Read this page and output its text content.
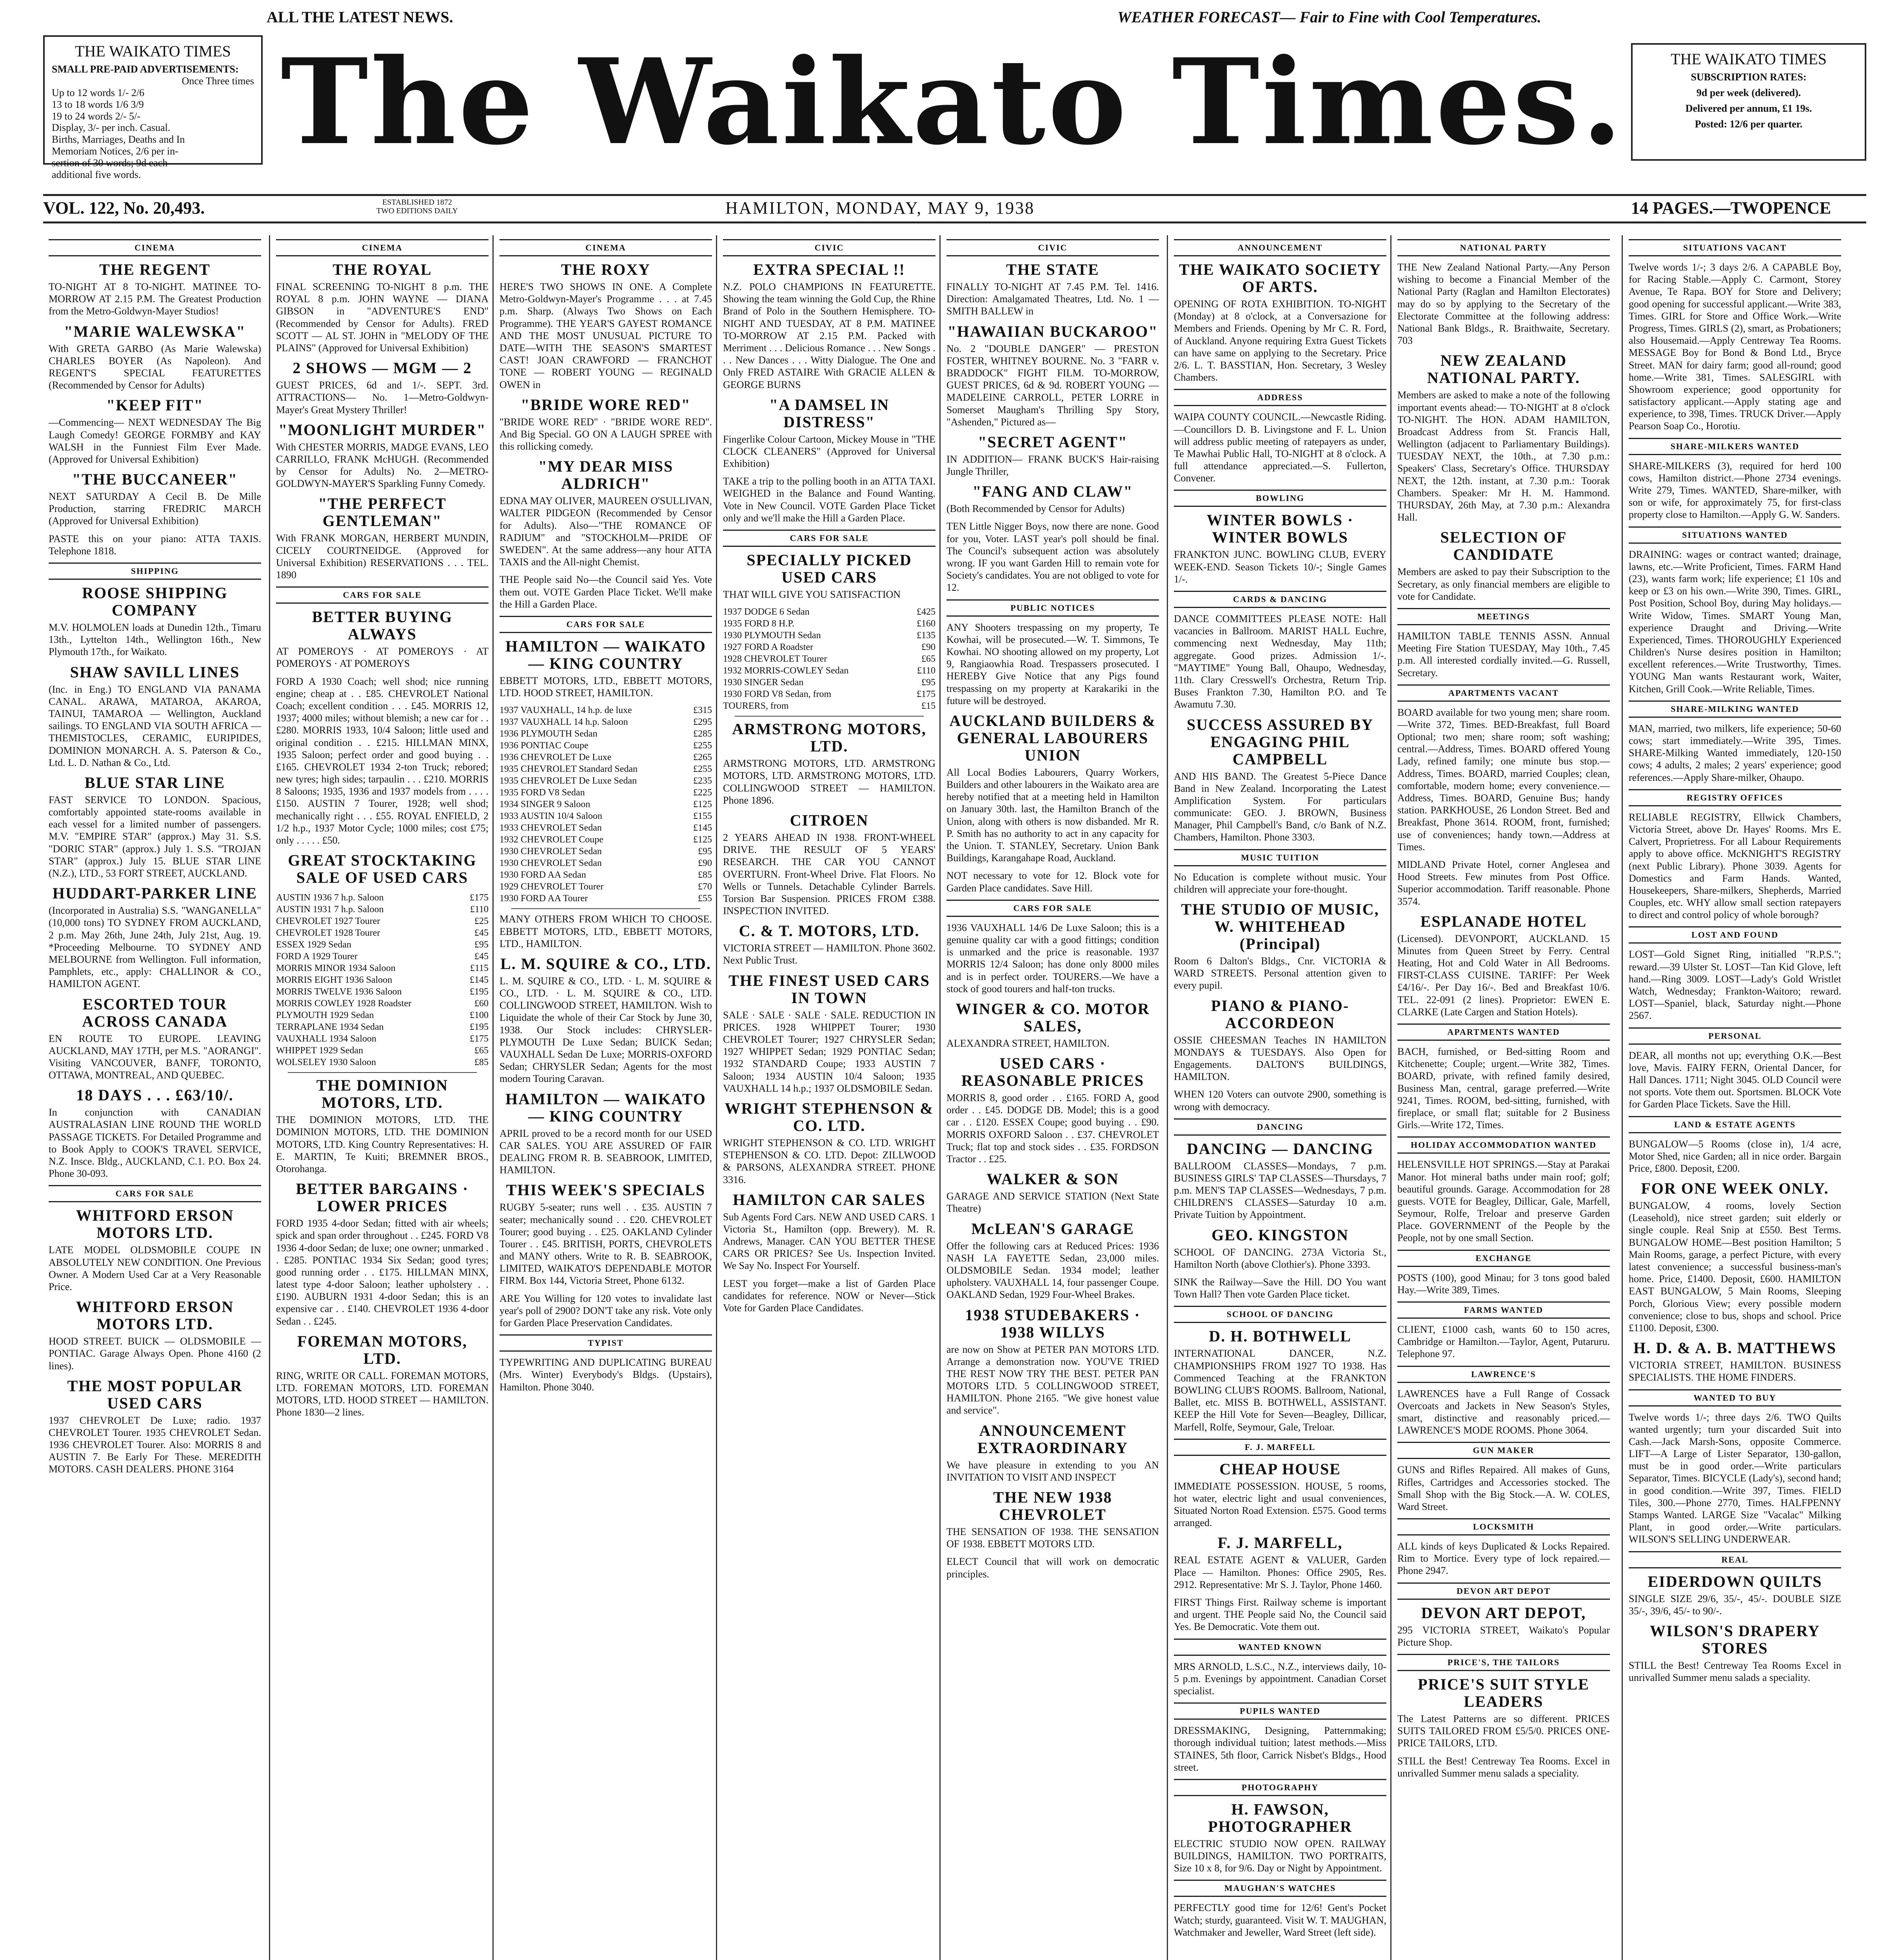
ALL THE LATEST NEWS.	WEATHER FORECAST— Fair to Fine with Cool Temperatures.
THE WAIKATO TIMES
SMALL PRE-PAID ADVERTISEMENTS:
Once Three times
Up to 12 words 1/- 2/6
13 to 18 words 1/6 3/9
19 to 24 words 2/- 5/-
Display, 3/- per inch. Casual.
Births, Marriages, Deaths and In
Memoriam Notices, 2/6 per in-
sertion of 30 words; 9d each
additional five words.
The Waikato Times.	THE WAIKATO TIMES
SUBSCRIPTION RATES:
9d per week (delivered).
Delivered per annum, £1 19s.
Posted: 12/6 per quarter.
VOL. 122, No. 20,493.	ESTABLISHED 1872
TWO EDITIONS DAILY	HAMILTON, MONDAY, MAY 9, 1938	14 PAGES.—TWOPENCE
CINEMA
THE REGENT
TO-NIGHT AT 8 TO-NIGHT. MATINEE TO-MORROW AT 2.15 P.M. The Greatest Production from the Metro-Goldwyn-Mayer Studios!
"MARIE WALEWSKA"
With GRETA GARBO (As Marie Walewska) CHARLES BOYER (As Napoleon). And REGENT'S SPECIAL FEATURETTES (Recommended by Censor for Adults)
"KEEP FIT"
—Commencing— NEXT WEDNESDAY The Big Laugh Comedy! GEORGE FORMBY and KAY WALSH in the Funniest Film Ever Made. (Approved for Universal Exhibition)
"THE BUCCANEER"
NEXT SATURDAY A Cecil B. De Mille Production, starring FREDRIC MARCH (Approved for Universal Exhibition)
PASTE this on your piano: ATTA TAXIS. Telephone 1818.
SHIPPING
ROOSE SHIPPING COMPANY
M.V. HOLMOLEN loads at Dunedin 12th., Timaru 13th., Lyttelton 14th., Wellington 16th., New Plymouth 17th., for Waikato.
SHAW SAVILL LINES
(Inc. in Eng.) TO ENGLAND VIA PANAMA CANAL. ARAWA, MATAROA, AKAROA, TAINUI, TAMAROA — Wellington, Auckland sailings. TO ENGLAND VIA SOUTH AFRICA — THEMISTOCLES, CERAMIC, EURIPIDES, DOMINION MONARCH. A. S. Paterson & Co., Ltd. L. D. Nathan & Co., Ltd.
BLUE STAR LINE
FAST SERVICE TO LONDON. Spacious, comfortably appointed state-rooms available in each vessel for a limited number of passengers. M.V. "EMPIRE STAR" (approx.) May 31. S.S. "DORIC STAR" (approx.) July 1. S.S. "TROJAN STAR" (approx.) July 15. BLUE STAR LINE (N.Z.), LTD., 53 FORT STREET, AUCKLAND.
HUDDART-PARKER LINE
(Incorporated in Australia) S.S. "WANGANELLA" (10,000 tons) TO SYDNEY FROM AUCKLAND, 2 p.m. May 26th, June 24th, July 21st, Aug. 19. *Proceeding Melbourne. TO SYDNEY AND MELBOURNE from Wellington. Full information, Pamphlets, etc., apply: CHALLINOR & CO., HAMILTON AGENT.
ESCORTED TOUR ACROSS CANADA
EN ROUTE TO EUROPE. LEAVING AUCKLAND, MAY 17TH, per M.S. "AORANGI". Visiting VANCOUVER, BANFF, TORONTO, OTTAWA, MONTREAL, AND QUEBEC.
18 DAYS . . . £63/10/.
In conjunction with CANADIAN AUSTRALASIAN LINE ROUND THE WORLD PASSAGE TICKETS. For Detailed Programme and to Book Apply to COOK'S TRAVEL SERVICE, N.Z. Insce. Bldg., AUCKLAND, C.1. P.O. Box 24. Phone 30-093.
CARS FOR SALE
WHITFORD ERSON MOTORS LTD.
LATE MODEL OLDSMOBILE COUPE IN ABSOLUTELY NEW CONDITION. One Previous Owner. A Modern Used Car at a Very Reasonable Price.
WHITFORD ERSON MOTORS LTD.
HOOD STREET. BUICK — OLDSMOBILE — PONTIAC. Garage Always Open. Phone 4160 (2 lines).
THE MOST POPULAR USED CARS
1937 CHEVROLET De Luxe; radio. 1937 CHEVROLET Tourer. 1935 CHEVROLET Sedan. 1936 CHEVROLET Tourer. Also: MORRIS 8 and AUSTIN 7. Be Early For These. MEREDITH MOTORS. CASH DEALERS. PHONE 3164
CINEMA
THE ROYAL
FINAL SCREENING TO-NIGHT 8 p.m. THE ROYAL 8 p.m. JOHN WAYNE — DIANA GIBSON in "ADVENTURE'S END" (Recommended by Censor for Adults). FRED SCOTT — AL ST. JOHN in "MELODY OF THE PLAINS" (Approved for Universal Exhibition)
2 SHOWS — MGM — 2
GUEST PRICES, 6d and 1/-. SEPT. 3rd. ATTRACTIONS— No. 1—Metro-Goldwyn-Mayer's Great Mystery Thriller!
"MOONLIGHT MURDER"
With CHESTER MORRIS, MADGE EVANS, LEO CARRILLO, FRANK McHUGH. (Recommended by Censor for Adults) No. 2—METRO-GOLDWYN-MAYER'S Sparkling Funny Comedy.
"THE PERFECT GENTLEMAN"
With FRANK MORGAN, HERBERT MUNDIN, CICELY COURTNEIDGE. (Approved for Universal Exhibition) RESERVATIONS . . . TEL. 1890
CARS FOR SALE
BETTER BUYING ALWAYS
AT POMEROYS · AT POMEROYS · AT POMEROYS · AT POMEROYS
FORD A 1930 Coach; well shod; nice running engine; cheap at . . £85. CHEVROLET National Coach; excellent condition . . . £45. MORRIS 12, 1937; 4000 miles; without blemish; a new car for . . £280. MORRIS 1933, 10/4 Saloon; little used and original condition . . £215. HILLMAN MINX, 1935 Saloon; perfect order and good buying . . £165. CHEVROLET 1934 2-ton Truck; rebored; new tyres; high sides; tarpaulin . . . £210. MORRIS 8 Saloons; 1935, 1936 and 1937 models from . . . . £150. AUSTIN 7 Tourer, 1928; well shod; mechanically right . . . £55. ROYAL ENFIELD, 2 1/2 h.p., 1937 Motor Cycle; 1000 miles; cost £75; only . . . . . £50.
GREAT STOCKTAKING SALE OF USED CARS
AUSTIN 1936 7 h.p. Saloon	£175
AUSTIN 1931 7 h.p. Saloon	£110
CHEVROLET 1927 Tourer	£25
CHEVROLET 1928 Tourer	£45
ESSEX 1929 Sedan	£95
FORD A 1929 Tourer	£45
MORRIS MINOR 1934 Saloon	£115
MORRIS EIGHT 1936 Saloon	£145
MORRIS TWELVE 1936 Saloon	£195
MORRIS COWLEY 1928 Roadster	£60
PLYMOUTH 1929 Sedan	£100
TERRAPLANE 1934 Sedan	£195
VAUXHALL 1934 Saloon	£175
WHIPPET 1929 Sedan	£65
WOLSELEY 1930 Saloon	£85
THE DOMINION MOTORS, LTD.
THE DOMINION MOTORS, LTD. THE DOMINION MOTORS, LTD. THE DOMINION MOTORS, LTD. King Country Representatives: H. E. MARTIN, Te Kuiti; BREMNER BROS., Otorohanga.
BETTER BARGAINS · LOWER PRICES
FORD 1935 4-door Sedan; fitted with air wheels; spick and span order throughout . . £245. FORD V8 1936 4-door Sedan; de luxe; one owner; unmarked . . £285. PONTIAC 1934 Six Sedan; good tyres; good running order . . £175. HILLMAN MINX, latest type 4-door Saloon; leather upholstery . . £190. AUBURN 1931 4-door Sedan; this is an expensive car . . £140. CHEVROLET 1936 4-door Sedan . . £245.
FOREMAN MOTORS, LTD.
RING, WRITE OR CALL. FOREMAN MOTORS, LTD. FOREMAN MOTORS, LTD. FOREMAN MOTORS, LTD. HOOD STREET — HAMILTON. Phone 1830—2 lines.
CINEMA
THE ROXY
HERE'S TWO SHOWS IN ONE. A Complete Metro-Goldwyn-Mayer's Programme . . . at 7.45 p.m. Sharp. (Always Two Shows on Each Programme). THE YEAR'S GAYEST ROMANCE AND THE MOST UNUSUAL PICTURE TO DATE—WITH THE SEASON'S SMARTEST CAST! JOAN CRAWFORD — FRANCHOT TONE — ROBERT YOUNG — REGINALD OWEN in
"BRIDE WORE RED"
"BRIDE WORE RED" · "BRIDE WORE RED". And Big Special. GO ON A LAUGH SPREE with this rollicking comedy.
"MY DEAR MISS ALDRICH"
EDNA MAY OLIVER, MAUREEN O'SULLIVAN, WALTER PIDGEON (Recommended by Censor for Adults). Also—"THE ROMANCE OF RADIUM" and "STOCKHOLM—PRIDE OF SWEDEN". At the same address—any hour ATTA TAXIS and the All-night Chemist.
THE People said No—the Council said Yes. Vote them out. VOTE Garden Place Ticket. We'll make the Hill a Garden Place.
CARS FOR SALE
HAMILTON — WAIKATO — KING COUNTRY
EBBETT MOTORS, LTD., EBBETT MOTORS, LTD. HOOD STREET, HAMILTON.
1937 VAUXHALL, 14 h.p. de luxe	£315
1937 VAUXHALL 14 h.p. Saloon	£295
1936 PLYMOUTH Sedan	£285
1936 PONTIAC Coupe	£255
1936 CHEVROLET De Luxe	£265
1935 CHEVROLET Standard Sedan	£255
1935 CHEVROLET De Luxe Sedan	£235
1935 FORD V8 Sedan	£225
1934 SINGER 9 Saloon	£125
1933 AUSTIN 10/4 Saloon	£155
1933 CHEVROLET Sedan	£145
1932 CHEVROLET Coupe	£125
1930 CHEVROLET Sedan	£95
1930 CHEVROLET Sedan	£90
1930 FORD AA Sedan	£85
1929 CHEVROLET Tourer	£70
1930 FORD AA Tourer	£55
MANY OTHERS FROM WHICH TO CHOOSE. EBBETT MOTORS, LTD., EBBETT MOTORS, LTD., HAMILTON.
L. M. SQUIRE & CO., LTD.
L. M. SQUIRE & CO., LTD. · L. M. SQUIRE & CO., LTD. · L. M. SQUIRE & CO., LTD. COLLINGWOOD STREET, HAMILTON. Wish to Liquidate the whole of their Car Stock by June 30, 1938. Our Stock includes: CHRYSLER-PLYMOUTH De Luxe Sedan; BUICK Sedan; VAUXHALL Sedan De Luxe; MORRIS-OXFORD Sedan; CHRYSLER Sedan; Agents for the most modern Touring Caravan.
HAMILTON — WAIKATO — KING COUNTRY
APRIL proved to be a record month for our USED CAR SALES. YOU ARE ASSURED OF FAIR DEALING FROM R. B. SEABROOK, LIMITED, HAMILTON.
THIS WEEK'S SPECIALS
RUGBY 5-seater; runs well . . £35. AUSTIN 7 seater; mechanically sound . . £20. CHEVROLET Tourer; good buying . . £25. OAKLAND Cylinder Tourer . . £45. BRITISH, PORTS, CHEVROLETS and MANY others. Write to R. B. SEABROOK, LIMITED, WAIKATO'S DEPENDABLE MOTOR FIRM. Box 144, Victoria Street, Phone 6132.
ARE You Willing for 120 votes to invalidate last year's poll of 2900? DON'T take any risk. Vote only for Garden Place Preservation Candidates.
TYPIST
TYPEWRITING AND DUPLICATING BUREAU (Mrs. Winter) Everybody's Bldgs. (Upstairs), Hamilton. Phone 3040.
CIVIC
EXTRA SPECIAL !!
N.Z. POLO CHAMPIONS IN FEATURETTE. Showing the team winning the Gold Cup, the Rhine Brand of Polo in the Southern Hemisphere. TO-NIGHT AND TUESDAY, AT 8 P.M. MATINEE TO-MORROW AT 2.15 P.M. Packed with Merriment . . . Delicious Romance . . . New Songs . . . New Dances . . . Witty Dialogue. The One and Only FRED ASTAIRE With GRACIE ALLEN & GEORGE BURNS
"A DAMSEL IN DISTRESS"
Fingerlike Colour Cartoon, Mickey Mouse in "THE CLOCK CLEANERS" (Approved for Universal Exhibition)
TAKE a trip to the polling booth in an ATTA TAXI. WEIGHED in the Balance and Found Wanting. Vote in New Council. VOTE Garden Place Ticket only and we'll make the Hill a Garden Place.
CARS FOR SALE
SPECIALLY PICKED USED CARS
THAT WILL GIVE YOU SATISFACTION
1937 DODGE 6 Sedan	£425
1935 FORD 8 H.P.	£160
1930 PLYMOUTH Sedan	£135
1927 FORD A Roadster	£90
1928 CHEVROLET Tourer	£65
1932 MORRIS-COWLEY Sedan	£110
1930 SINGER Sedan	£95
1930 FORD V8 Sedan, from	£175
TOURERS, from	£15
ARMSTRONG MOTORS, LTD.
ARMSTRONG MOTORS, LTD. ARMSTRONG MOTORS, LTD. ARMSTRONG MOTORS, LTD. COLLINGWOOD STREET — HAMILTON. Phone 1896.
CITROEN
2 YEARS AHEAD IN 1938. FRONT-WHEEL DRIVE. THE RESULT OF 5 YEARS' RESEARCH. THE CAR YOU CANNOT OVERTURN. Front-Wheel Drive. Flat Floors. No Wells or Tunnels. Detachable Cylinder Barrels. Torsion Bar Suspension. PRICES FROM £388. INSPECTION INVITED.
C. & T. MOTORS, LTD.
VICTORIA STREET — HAMILTON. Phone 3602. Next Public Trust.
THE FINEST USED CARS IN TOWN
SALE · SALE · SALE · SALE. REDUCTION IN PRICES. 1928 WHIPPET Tourer; 1930 CHEVROLET Tourer; 1927 CHRYSLER Sedan; 1927 WHIPPET Sedan; 1929 PONTIAC Sedan; 1932 STANDARD Coupe; 1933 AUSTIN 7 Saloon; 1934 AUSTIN 10/4 Saloon; 1935 VAUXHALL 14 h.p.; 1937 OLDSMOBILE Sedan.
WRIGHT STEPHENSON & CO. LTD.
WRIGHT STEPHENSON & CO. LTD. WRIGHT STEPHENSON & CO. LTD. Depot: ZILLWOOD & PARSONS, ALEXANDRA STREET. PHONE 3316.
HAMILTON CAR SALES
Sub Agents Ford Cars. NEW AND USED CARS. 1 Victoria St., Hamilton (opp. Brewery). M. R. Andrews, Manager. CAN YOU BETTER THESE CARS OR PRICES? See Us. Inspection Invited. We Say No. Inspect For Yourself.
LEST you forget—make a list of Garden Place candidates for reference. NOW or Never—Stick Vote for Garden Place Candidates.
CIVIC
THE STATE
FINALLY TO-NIGHT AT 7.45 P.M. Tel. 1416. Direction: Amalgamated Theatres, Ltd. No. 1 — SMITH BALLEW in
"HAWAIIAN BUCKAROO"
No. 2 "DOUBLE DANGER" — PRESTON FOSTER, WHITNEY BOURNE. No. 3 "FARR v. BRADDOCK" FIGHT FILM. TO-MORROW, GUEST PRICES, 6d & 9d. ROBERT YOUNG — MADELEINE CARROLL, PETER LORRE in Somerset Maugham's Thrilling Spy Story, "Ashenden," Pictured as—
"SECRET AGENT"
IN ADDITION— FRANK BUCK'S Hair-raising Jungle Thriller,
"FANG AND CLAW"
(Both Recommended by Censor for Adults)
TEN Little Nigger Boys, now there are none. Good for you, Voter. LAST year's poll should be final. The Council's subsequent action was absolutely wrong. IF you want Garden Hill to remain vote for Society's candidates. You are not obliged to vote for 12.
PUBLIC NOTICES
ANY Shooters trespassing on my property, Te Kowhai, will be prosecuted.—W. T. Simmons, Te Kowhai. NO shooting allowed on my property, Lot 9, Rangiaowhia Road. Trespassers prosecuted. I HEREBY Give Notice that any Pigs found trespassing on my property at Karakariki in the future will be destroyed.
AUCKLAND BUILDERS & GENERAL LABOURERS UNION
All Local Bodies Labourers, Quarry Workers, Builders and other labourers in the Waikato area are hereby notified that at a meeting held in Hamilton on January 30th. last, the Hamilton Branch of the Union, along with others is now disbanded. Mr R. P. Smith has no authority to act in any capacity for the Union. T. STANLEY, Secretary. Union Bank Buildings, Karangahape Road, Auckland.
NOT necessary to vote for 12. Block vote for Garden Place candidates. Save Hill.
CARS FOR SALE
1936 VAUXHALL 14/6 De Luxe Saloon; this is a genuine quality car with a good fittings; condition is unmarked and the price is reasonable. 1937 MORRIS 12/4 Saloon; has done only 8000 miles and is in perfect order. TOURERS.—We have a stock of good tourers and half-ton trucks.
WINGER & CO. MOTOR SALES,
ALEXANDRA STREET, HAMILTON.
USED CARS · REASONABLE PRICES
MORRIS 8, good order . . £165. FORD A, good order . . £45. DODGE DB. Model; this is a good car . . £120. ESSEX Coupe; good buying . . £90. MORRIS OXFORD Saloon . . £37. CHEVROLET Truck; flat top and stock sides . . £35. FORDSON Tractor . . £25.
WALKER & SON
GARAGE AND SERVICE STATION (Next State Theatre)
McLEAN'S GARAGE
Offer the following cars at Reduced Prices: 1936 NASH LA FAYETTE Sedan, 23,000 miles. OLDSMOBILE Sedan. 1934 model; leather upholstery. VAUXHALL 14, four passenger Coupe. OAKLAND Sedan, 1929 Four-Wheel Brakes.
1938 STUDEBAKERS · 1938 WILLYS
are now on Show at PETER PAN MOTORS LTD. Arrange a demonstration now. YOU'VE TRIED THE REST NOW TRY THE BEST. PETER PAN MOTORS LTD. 5 COLLINGWOOD STREET, HAMILTON. Phone 2165. "We give honest value and service".
ANNOUNCEMENT EXTRAORDINARY
We have pleasure in extending to you AN INVITATION TO VISIT AND INSPECT
THE NEW 1938 CHEVROLET
THE SENSATION OF 1938. THE SENSATION OF 1938. EBBETT MOTORS LTD.
ELECT Council that will work on democratic principles.
ANNOUNCEMENT
THE WAIKATO SOCIETY OF ARTS.
OPENING OF ROTA EXHIBITION. TO-NIGHT (Monday) at 8 o'clock, at a Conversazione for Members and Friends. Opening by Mr C. R. Ford, of Auckland. Anyone requiring Extra Guest Tickets can have same on applying to the Secretary. Price 2/6. L. T. BASSTIAN, Hon. Secretary, 3 Wesley Chambers.
ADDRESS
WAIPA COUNTY COUNCIL.—Newcastle Riding.—Councillors D. B. Livingstone and F. L. Union will address public meeting of ratepayers as under, Te Mawhai Public Hall, TO-NIGHT at 8 o'clock. A full attendance appreciated.—S. Fullerton, Convener.
BOWLING
WINTER BOWLS · WINTER BOWLS
FRANKTON JUNC. BOWLING CLUB, EVERY WEEK-END. Season Tickets 10/-; Single Games 1/-.
CARDS & DANCING
DANCE COMMITTEES PLEASE NOTE: Hall vacancies in Ballroom. MARIST HALL Euchre, commencing next Wednesday, May 11th; aggregate. Good prizes. Admission 1/-. "MAYTIME" Young Ball, Ohaupo, Wednesday, 11th. Clary Cresswell's Orchestra, Return Trip. Buses Frankton 7.30, Hamilton P.O. and Te Awamutu 7.30.
SUCCESS ASSURED BY ENGAGING PHIL CAMPBELL
AND HIS BAND. The Greatest 5-Piece Dance Band in New Zealand. Incorporating the Latest Amplification System. For particulars communicate: GEO. J. BROWN, Business Manager, Phil Campbell's Band, c/o Bank of N.Z. Chambers, Hamilton. Phone 3303.
MUSIC TUITION
No Education is complete without music. Your children will appreciate your fore-thought.
THE STUDIO OF MUSIC, W. WHITEHEAD (Principal)
Room 6 Dalton's Bldgs., Cnr. VICTORIA & WARD STREETS. Personal attention given to every pupil.
PIANO & PIANO-ACCORDEON
OSSIE CHEESMAN Teaches IN HAMILTON MONDAYS & TUESDAYS. Also Open for Engagements. DALTON'S BUILDINGS, HAMILTON.
WHEN 120 Voters can outvote 2900, something is wrong with democracy.
DANCING
DANCING — DANCING
BALLROOM CLASSES—Mondays, 7 p.m. BUSINESS GIRLS' TAP CLASSES—Thursdays, 7 p.m. MEN'S TAP CLASSES—Wednesdays, 7 p.m. CHILDREN'S CLASSES—Saturday 10 a.m. Private Tuition by Appointment.
GEO. KINGSTON
SCHOOL OF DANCING. 273A Victoria St., Hamilton North (above Clothier's). Phone 3393.
SINK the Railway—Save the Hill. DO You want Town Hall? Then vote Garden Place ticket.
SCHOOL OF DANCING
D. H. BOTHWELL
INTERNATIONAL DANCER, N.Z. CHAMPIONSHIPS FROM 1927 TO 1938. Has Commenced Teaching at the FRANKTON BOWLING CLUB'S ROOMS. Ballroom, National, Ballet, etc. MISS B. BOTHWELL, ASSISTANT. KEEP the Hill Vote for Seven—Beagley, Dillicar, Marfell, Rolfe, Seymour, Gale, Treloar.
F. J. MARFELL
CHEAP HOUSE
IMMEDIATE POSSESSION. HOUSE, 5 rooms, hot water, electric light and usual conveniences, Situated Norton Road Extension. £575. Good terms arranged.
F. J. MARFELL,
REAL ESTATE AGENT & VALUER, Garden Place — Hamilton. Phones: Office 2905, Res. 2912. Representative: Mr S. J. Taylor, Phone 1460.
FIRST Things First. Railway scheme is important and urgent. THE People said No, the Council said Yes. Be Democratic. Vote them out.
WANTED KNOWN
MRS ARNOLD, L.S.C., N.Z., interviews daily, 10-5 p.m. Evenings by appointment. Canadian Corset specialist.
PUPILS WANTED
DRESSMAKING, Designing, Patternmaking; thorough individual tuition; latest methods.—Miss STAINES, 5th floor, Carrick Nisbet's Bldgs., Hood street.
PHOTOGRAPHY
H. FAWSON, PHOTOGRAPHER
ELECTRIC STUDIO NOW OPEN. RAILWAY BUILDINGS, HAMILTON. TWO PORTRAITS, Size 10 x 8, for 9/6. Day or Night by Appointment.
MAUGHAN'S WATCHES
PERFECTLY good time for 12/6! Gent's Pocket Watch; sturdy, guaranteed. Visit W. T. MAUGHAN, Watchmaker and Jeweller, Ward Street (left side).
NATIONAL PARTY
THE New Zealand National Party.—Any Person wishing to become a Financial Member of the National Party (Raglan and Hamilton Electorates) may do so by applying to the Secretary of the Electorate Committee at the following address: National Bank Bldgs., R. Braithwaite, Secretary. 703
NEW ZEALAND NATIONAL PARTY.
Members are asked to make a note of the following important events ahead:— TO-NIGHT at 8 o'clock TO-NIGHT. The HON. ADAM HAMILTON, Broadcast Address from St. Francis Hall, Wellington (adjacent to Parliamentary Buildings). TUESDAY NEXT, the 10th., at 7.30 p.m.: Speakers' Class, Secretary's Office. THURSDAY NEXT, the 12th. instant, at 7.30 p.m.: Toorak Chambers. Speaker: Mr H. M. Hammond. THURSDAY, 26th May, at 7.30 p.m.: Alexandra Hall.
SELECTION OF CANDIDATE
Members are asked to pay their Subscription to the Secretary, as only financial members are eligible to vote for Candidate.
MEETINGS
HAMILTON TABLE TENNIS ASSN. Annual Meeting Fire Station TUESDAY, May 10th., 7.45 p.m. All interested cordially invited.—G. Russell, Secretary.
APARTMENTS VACANT
BOARD available for two young men; share room.—Write 372, Times. BED-Breakfast, full Board Optional; two men; share room; soft washing; central.—Address, Times. BOARD offered Young Lady, refined family; one minute bus stop.—Address, Times. BOARD, married Couples; clean, comfortable, modern home; every convenience.—Address, Times. BOARD, Genuine Bus; handy station. PARKHOUSE, 26 London Street. Bed and Breakfast, Phone 3614. ROOM, front, furnished; use of conveniences; handy town.—Address at Times.
MIDLAND Private Hotel, corner Anglesea and Hood Streets. Few minutes from Post Office. Superior accommodation. Tariff reasonable. Phone 3574.
ESPLANADE HOTEL
(Licensed). DEVONPORT, AUCKLAND. 15 Minutes from Queen Street by Ferry. Central Heating, Hot and Cold Water in All Bedrooms. FIRST-CLASS CUISINE. TARIFF: Per Week £4/16/-. Per Day 16/-. Bed and Breakfast 10/6. TEL. 22-091 (2 lines). Proprietor: EWEN E. CLARKE (Late Cargen and Station Hotels).
APARTMENTS WANTED
BACH, furnished, or Bed-sitting Room and Kitchenette; Couple; urgent.—Write 382, Times. BOARD, private, with refined family desired, Business Man, central, garage preferred.—Write 9241, Times. ROOM, bed-sitting, furnished, with fireplace, or small flat; suitable for 2 Business Girls.—Write 172, Times.
HOLIDAY ACCOMMODATION WANTED
HELENSVILLE HOT SPRINGS.—Stay at Parakai Manor. Hot mineral baths under main roof; golf; beautiful grounds. Garage. Accommodation for 28 guests. VOTE for Beagley, Dillicar, Gale, Marfell, Seymour, Rolfe, Treloar and preserve Garden Place. GOVERNMENT of the People by the People, not by one small Section.
EXCHANGE
POSTS (100), good Minau; for 3 tons good baled Hay.—Write 389, Times.
FARMS WANTED
CLIENT, £1000 cash, wants 60 to 150 acres, Cambridge or Hamilton.—Taylor, Agent, Putaruru. Telephone 97.
LAWRENCE'S
LAWRENCES have a Full Range of Cossack Overcoats and Jackets in New Season's Styles, smart, distinctive and reasonably priced.—LAWRENCE'S MODE ROOMS. Phone 3064.
GUN MAKER
GUNS and Rifles Repaired. All makes of Guns, Rifles, Cartridges and Accessories stocked. The Small Shop with the Big Stock.—A. W. COLES, Ward Street.
LOCKSMITH
ALL kinds of keys Duplicated & Locks Repaired. Rim to Mortice. Every type of lock repaired.—Phone 2947.
DEVON ART DEPOT
DEVON ART DEPOT,
295 VICTORIA STREET, Waikato's Popular Picture Shop.
PRICE'S, THE TAILORS
PRICE'S SUIT STYLE LEADERS
The Latest Patterns are so different. PRICES SUITS TAILORED FROM £5/5/0. PRICES ONE-PRICE TAILORS, LTD.
STILL the Best! Centreway Tea Rooms. Excel in unrivalled Summer menu salads a speciality.
SITUATIONS VACANT
Twelve words 1/-; 3 days 2/6. A CAPABLE Boy, for Racing Stable.—Apply C. Carmont, Storey Avenue, Te Rapa. BOY for Store and Delivery; good opening for successful applicant.—Write 383, Times. GIRL for Store and Office Work.—Write Progress, Times. GIRLS (2), smart, as Probationers; also Housemaid.—Apply Centreway Tea Rooms. MESSAGE Boy for Bond & Bond Ltd., Bryce Street. MAN for dairy farm; good all-round; good home.—Write 381, Times. SALESGIRL with Showroom experience; good opportunity for satisfactory applicant.—Apply stating age and experience, to 398, Times. TRUCK Driver.—Apply Pearson Soap Co., Horotiu.
SHARE-MILKERS WANTED
SHARE-MILKERS (3), required for herd 100 cows, Hamilton district.—Phone 2734 evenings. Write 279, Times. WANTED, Share-milker, with son or wife, for approximately 75, for first-class property close to Hamilton.—Apply G. W. Sanders.
SITUATIONS WANTED
DRAINING: wages or contract wanted; drainage, lawns, etc.—Write Proficient, Times. FARM Hand (23), wants farm work; life experience; £1 10s and keep or £3 on his own.—Write 390, Times. GIRL, Post Position, School Boy, during May holidays.—Write Widow, Times. SMART Young Man, experience Draught and Driving.—Write Experienced, Times. THOROUGHLY Experienced Children's Nurse desires position in Hamilton; excellent references.—Write Trustworthy, Times. YOUNG Man wants Restaurant work, Waiter, Kitchen, Grill Cook.—Write Reliable, Times.
SHARE-MILKING WANTED
MAN, married, two milkers, life experience; 50-60 cows; start immediately.—Write 395, Times. SHARE-Milking Wanted immediately, 120-150 cows; 4 adults, 2 males; 2 years' experience; good references.—Apply Share-milker, Ohaupo.
REGISTRY OFFICES
RELIABLE REGISTRY, Ellwick Chambers, Victoria Street, above Dr. Hayes' Rooms. Mrs E. Calvert, Proprietress. For all Labour Requirements apply to above office. McKNIGHT'S REGISTRY (next Public Library). Phone 3039. Agents for Domestics and Farm Hands. Wanted, Housekeepers, Share-milkers, Shepherds, Married Couples, etc. WHY allow small section ratepayers to direct and control policy of whole borough?
LOST AND FOUND
LOST—Gold Signet Ring, initialled "R.P.S."; reward.—39 Ulster St. LOST—Tan Kid Glove, left hand.—Ring 3009. LOST—Lady's Gold Wristlet Watch, Wednesday; Frankton-Waitoro; reward. LOST—Spaniel, black, Saturday night.—Phone 2567.
PERSONAL
DEAR, all months not up; everything O.K.—Best love, Mavis. FAIRY FERN, Oriental Dancer, for Hall Dances. 1711; Night 3045. OLD Council were not sports. Vote them out. Sportsmen. BLOCK Vote for Garden Place Tickets. Save the Hill.
LAND & ESTATE AGENTS
BUNGALOW—5 Rooms (close in), 1/4 acre, Motor Shed, nice Garden; all in nice order. Bargain Price, £800. Deposit, £200.
FOR ONE WEEK ONLY.
BUNGALOW, 4 rooms, lovely Section (Leasehold), nice street garden; suit elderly or single couple. Real Snip at £550. Best Terms. BUNGALOW HOME—Best position Hamilton; 5 Main Rooms, garage, a perfect Picture, with every latest convenience; a successful business-man's home. Price, £1400. Deposit, £600. HAMILTON EAST BUNGALOW, 5 Main Rooms, Sleeping Porch, Glorious View; every possible modern convenience; close to bus, shops and school. Price £1100. Deposit, £300.
H. D. & A. B. MATTHEWS
VICTORIA STREET, HAMILTON. BUSINESS SPECIALISTS. THE HOME FINDERS.
WANTED TO BUY
Twelve words 1/-; three days 2/6. TWO Quilts wanted urgently; turn your discarded Suit into Cash.—Jack Marsh-Sons, opposite Commerce. LIFT—A Large of Lister Separator, 130-gallon, must be in good order.—Write particulars Separator, Times. BICYCLE (Lady's), second hand; in good condition.—Write 397, Times. FIELD Tiles, 300.—Phone 2770, Times. HALFPENNY Stamps Wanted. LARGE Size "Vacalac" Milking Plant, in good order.—Write particulars. WILSON'S SELLING UNDERWEAR.
REAL
EIDERDOWN QUILTS
SINGLE SIZE 29/6, 35/-, 45/-. DOUBLE SIZE 35/-, 39/6, 45/- to 90/-.
WILSON'S DRAPERY STORES
STILL the Best! Centreway Tea Rooms Excel in unrivalled Summer menu salads a speciality.
